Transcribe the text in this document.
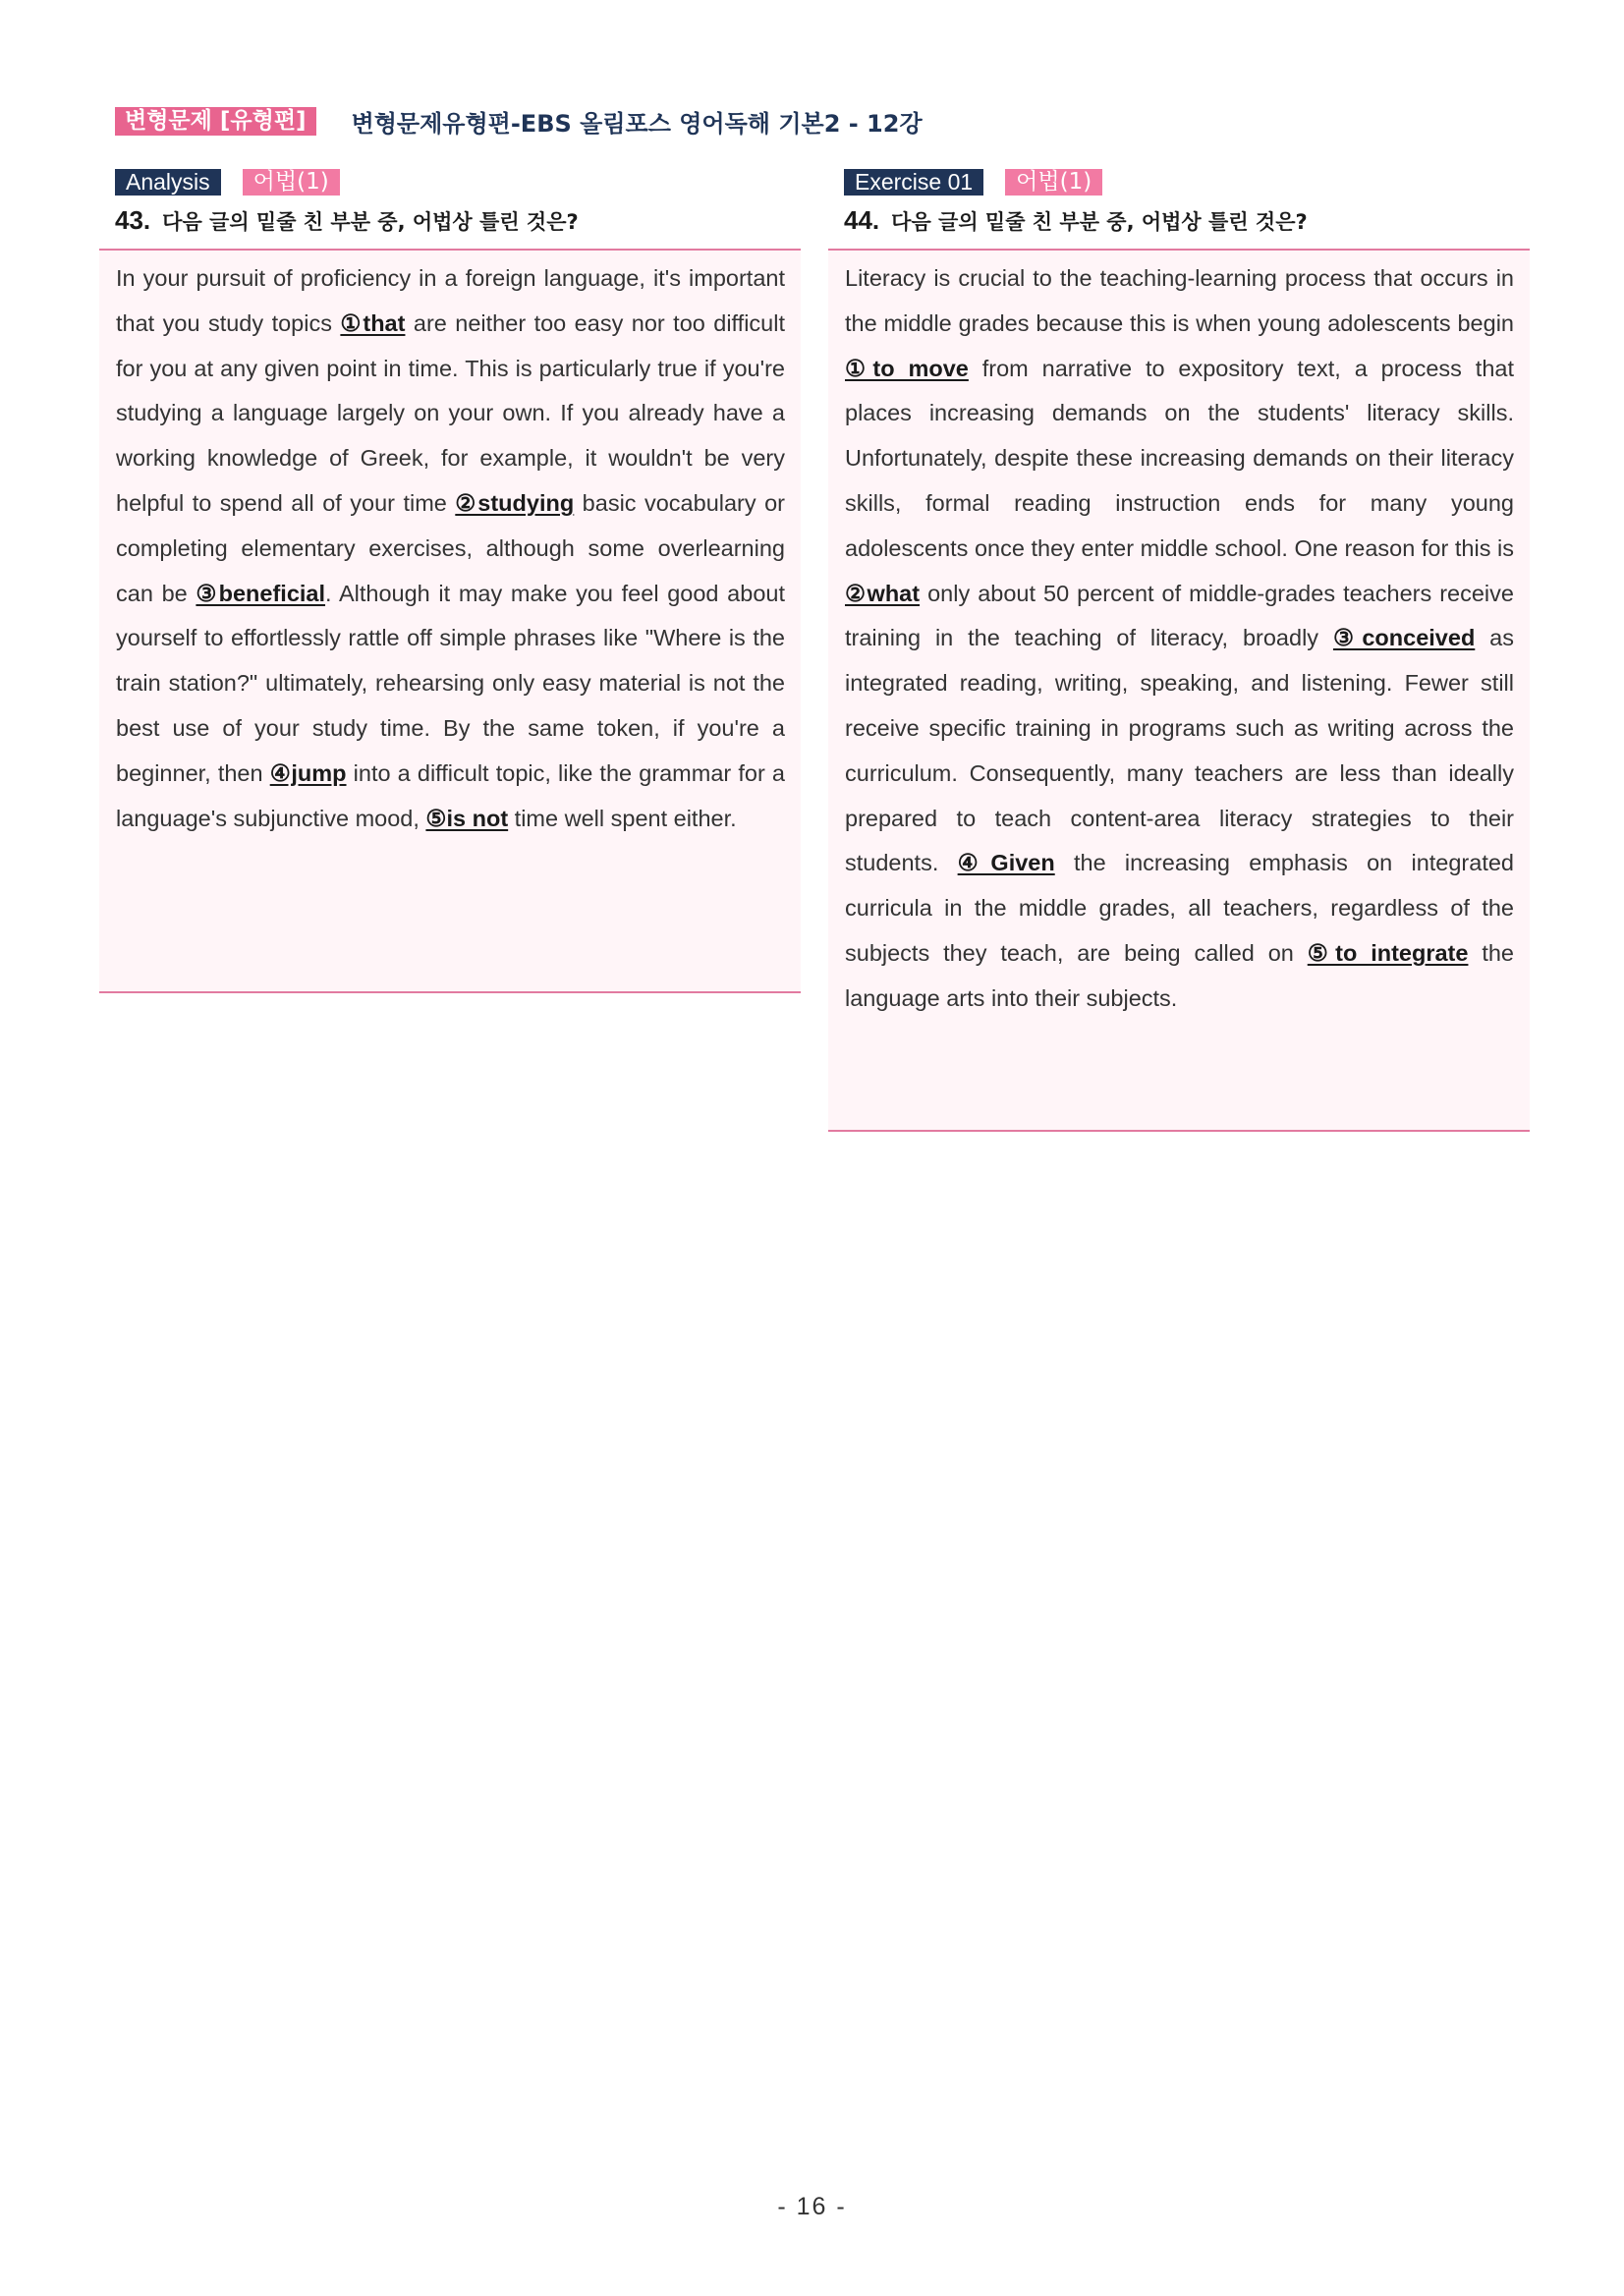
변형문제 [유형편]	변형문제유형편-EBS 올림포스 영어독해 기본2 - 12강
Analysis	어법(1)
43. 다음 글의 밑줄 친 부분 중, 어법상 틀린 것은?

In your pursuit of proficiency in a foreign language, it's important that you study topics ①that are neither too easy nor too difficult for you at any given point in time. This is particularly true if you're studying a language largely on your own. If you already have a working knowledge of Greek, for example, it wouldn't be very helpful to spend all of your time ②studying basic vocabulary or completing elementary exercises, although some overlearning can be ③beneficial. Although it may make you feel good about yourself to effortlessly rattle off simple phrases like "Where is the train station?" ultimately, rehearsing only easy material is not the best use of your study time. By the same token, if you're a beginner, then ④jump into a difficult topic, like the grammar for a language's subjunctive mood, ⑤is not time well spent either.

Exercise 01	어법(1)
44. 다음 글의 밑줄 친 부분 중, 어법상 틀린 것은?

Literacy is crucial to the teaching-learning process that occurs in the middle grades because this is when young adolescents begin ①to move from narrative to expository text, a process that places increasing demands on the students' literacy skills. Unfortunately, despite these increasing demands on their literacy skills, formal reading instruction ends for many young adolescents once they enter middle school. One reason for this is ②what only about 50 percent of middle-grades teachers receive training in the teaching of literacy, broadly ③conceived as integrated reading, writing, speaking, and listening. Fewer still receive specific training in programs such as writing across the curriculum. Consequently, many teachers are less than ideally prepared to teach content-area literacy strategies to their students. ④Given the increasing emphasis on integrated curricula in the middle grades, all teachers, regardless of the subjects they teach, are being called on ⑤to integrate the language arts into their subjects.

- 16 -
